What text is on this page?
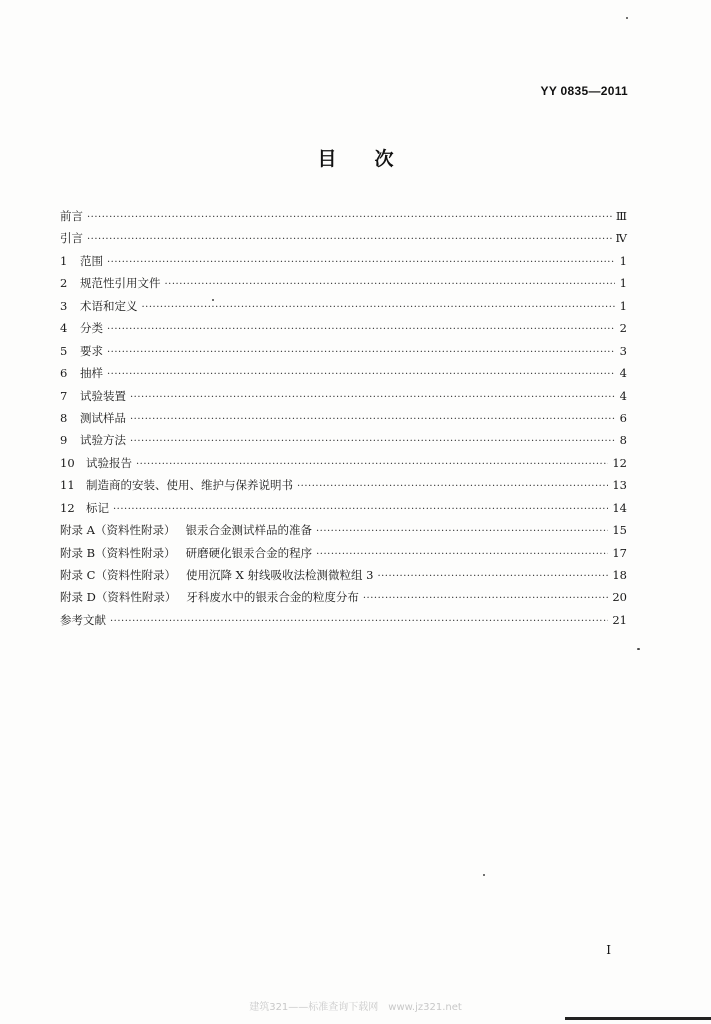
YY 0835—2011
目　　次
前言 ·····	Ⅲ
引言 ·····	Ⅳ
1	范围 ·····	1
2	规范性引用文件 ·····	1
3	术语和定义 ·····	1
4	分类 ·····	2
5	要求 ·····	3
6	抽样 ·····	4
7	试验装置 ·····	4
8	测试样品 ·····	6
9	试验方法 ·····	8
10 试验报告 ·····	12
11 制造商的安装、使用、维护与保养说明书 ·····	13
12 标记 ·····	14
附录 A（资料性附录） 银汞合金测试样品的准备 ·····	15
附录 B（资料性附录） 研磨硬化银汞合金的程序 ·····	17
附录 C（资料性附录） 使用沉降 X 射线吸收法检测微粒组 3 ·····	18
附录 D（资料性附录） 牙科废水中的银汞合金的粒度分布 ·····	20
参考文献 ·····	21
I
建筑321——标准查询下载网　www.jz321.net
